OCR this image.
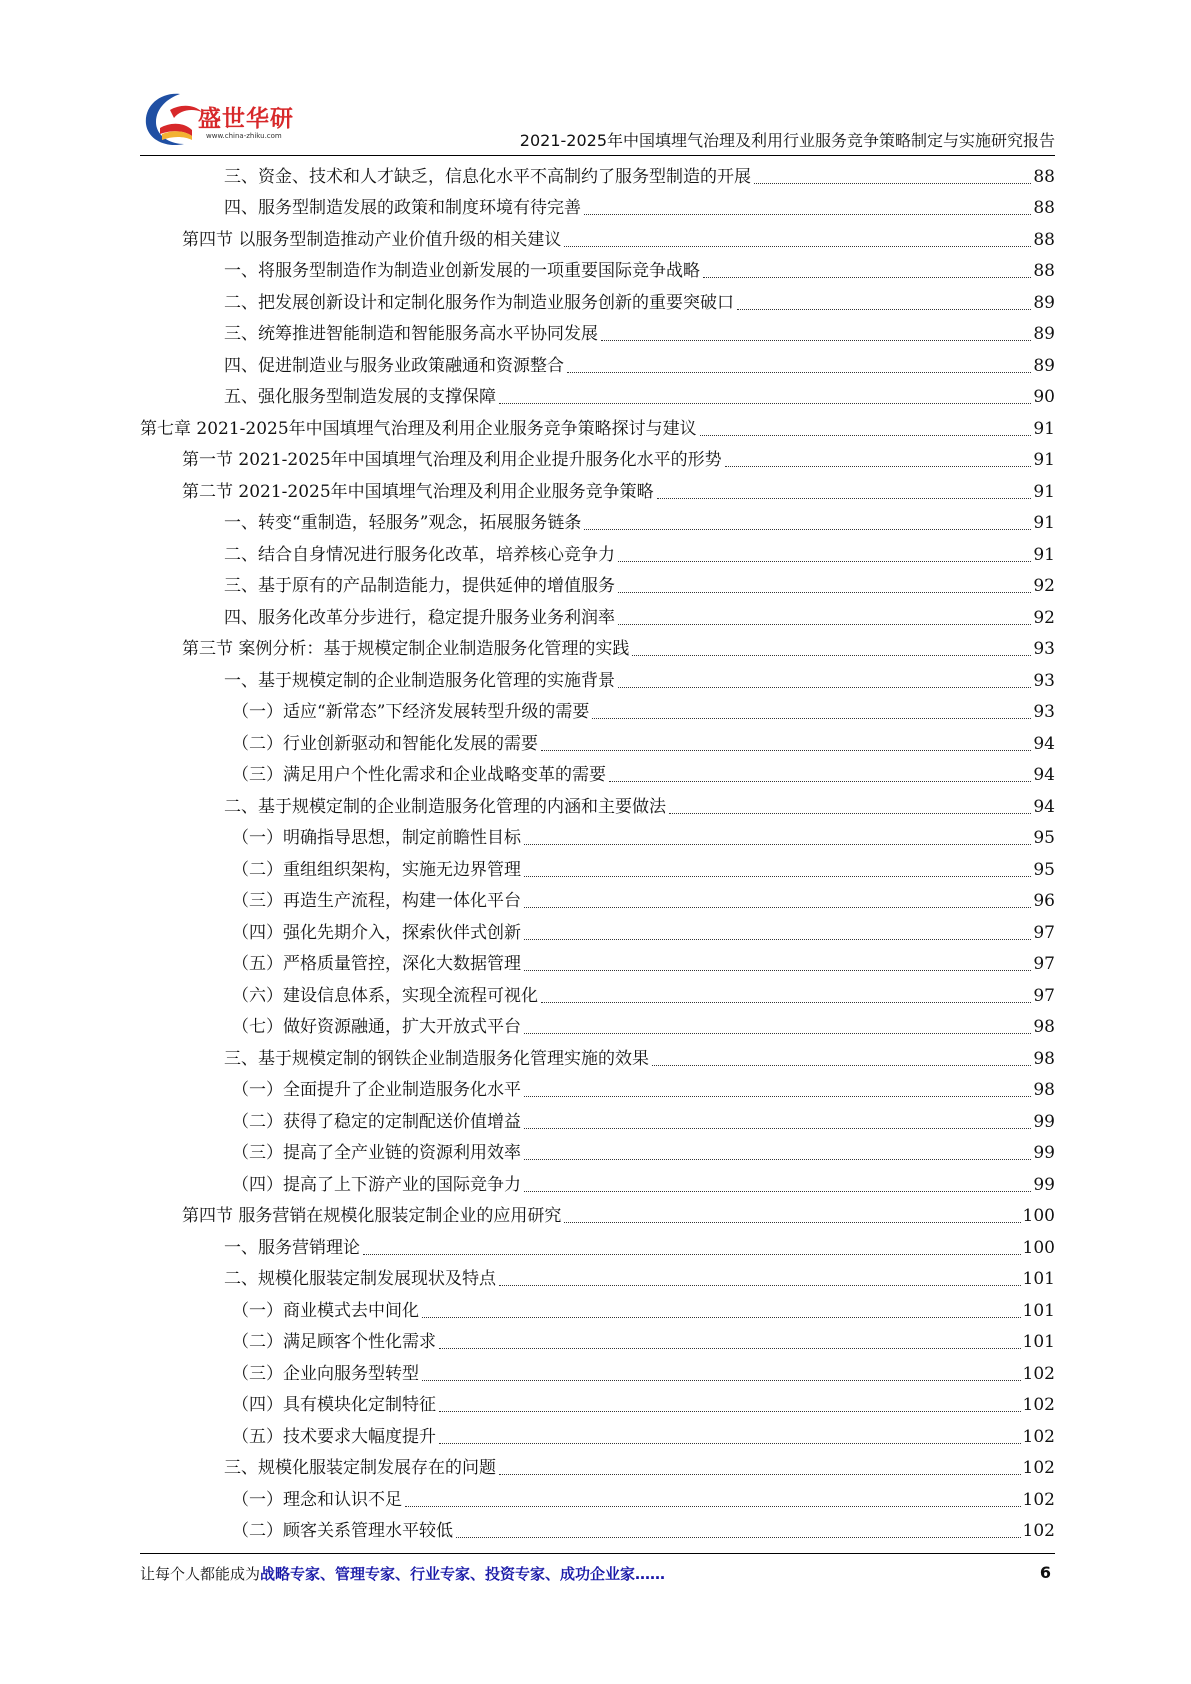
盛世华研
www.china-zhiku.com	2021-2025年中国填埋气治理及利用行业服务竞争策略制定与实施研究报告
三、资金、技术和人才缺乏，信息化水平不高制约了服务型制造的开展	88
四、服务型制造发展的政策和制度环境有待完善	88
第四节 以服务型制造推动产业价值升级的相关建议	88
一、将服务型制造作为制造业创新发展的一项重要国际竞争战略	88
二、把发展创新设计和定制化服务作为制造业服务创新的重要突破口	89
三、统筹推进智能制造和智能服务高水平协同发展	89
四、促进制造业与服务业政策融通和资源整合	89
五、强化服务型制造发展的支撑保障	90
第七章 2021-2025年中国填埋气治理及利用企业服务竞争策略探讨与建议	91
第一节 2021-2025年中国填埋气治理及利用企业提升服务化水平的形势	91
第二节 2021-2025年中国填埋气治理及利用企业服务竞争策略	91
一、转变“重制造，轻服务”观念，拓展服务链条	91
二、结合自身情况进行服务化改革，培养核心竞争力	91
三、基于原有的产品制造能力，提供延伸的增值服务	92
四、服务化改革分步进行，稳定提升服务业务利润率	92
第三节 案例分析：基于规模定制企业制造服务化管理的实践	93
一、基于规模定制的企业制造服务化管理的实施背景	93
（一）适应“新常态”下经济发展转型升级的需要	93
（二）行业创新驱动和智能化发展的需要	94
（三）满足用户个性化需求和企业战略变革的需要	94
二、基于规模定制的企业制造服务化管理的内涵和主要做法	94
（一）明确指导思想，制定前瞻性目标	95
（二）重组组织架构，实施无边界管理	95
（三）再造生产流程，构建一体化平台	96
（四）强化先期介入，探索伙伴式创新	97
（五）严格质量管控，深化大数据管理	97
（六）建设信息体系，实现全流程可视化	97
（七）做好资源融通，扩大开放式平台	98
三、基于规模定制的钢铁企业制造服务化管理实施的效果	98
（一）全面提升了企业制造服务化水平	98
（二）获得了稳定的定制配送价值增益	99
（三）提高了全产业链的资源利用效率	99
（四）提高了上下游产业的国际竞争力	99
第四节 服务营销在规模化服装定制企业的应用研究	100
一、服务营销理论	100
二、规模化服装定制发展现状及特点	101
（一）商业模式去中间化	101
（二）满足顾客个性化需求	101
（三）企业向服务型转型	102
（四）具有模块化定制特征	102
（五）技术要求大幅度提升	102
三、规模化服装定制发展存在的问题	102
（一）理念和认识不足	102
（二）顾客关系管理水平较低	102
让每个人都能成为战略专家、管理专家、行业专家、投资专家、成功企业家……	6
